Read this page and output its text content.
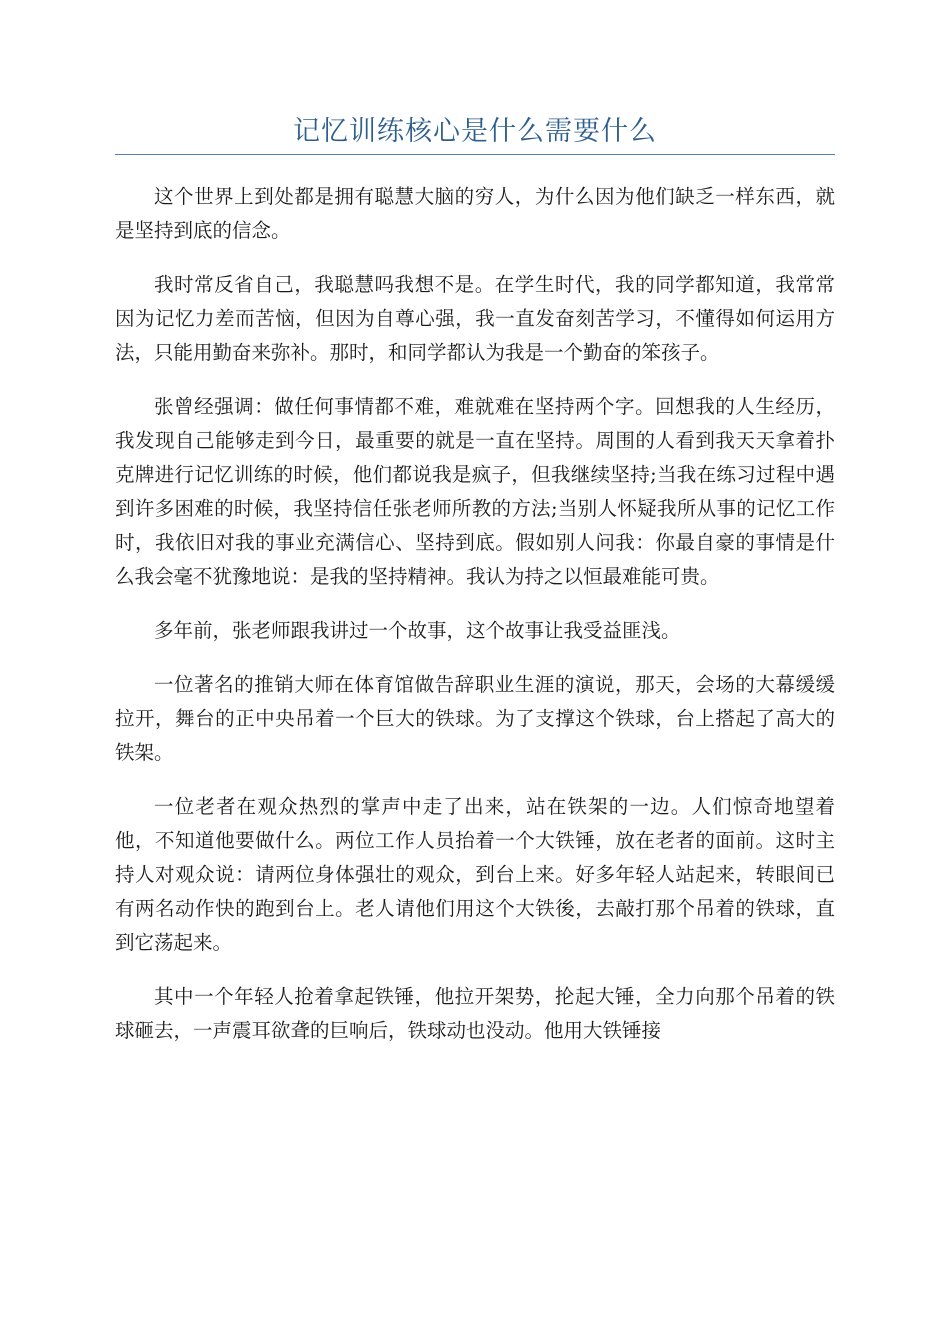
记忆训练核心是什么需要什么

这个世界上到处都是拥有聪慧大脑的穷人，为什么因为他们缺乏一样东西，就是坚持到底的信念。

我时常反省自己，我聪慧吗我想不是。在学生时代，我的同学都知道，我常常因为记忆力差而苦恼，但因为自尊心强，我一直发奋刻苦学习，不懂得如何运用方法，只能用勤奋来弥补。那时，和同学都认为我是一个勤奋的笨孩子。

张曾经强调：做任何事情都不难，难就难在坚持两个字。回想我的人生经历，我发现自己能够走到今日，最重要的就是一直在坚持。周围的人看到我天天拿着扑克牌进行记忆训练的时候，他们都说我是疯子，但我继续坚持;当我在练习过程中遇到许多困难的时候，我坚持信任张老师所教的方法;当别人怀疑我所从事的记忆工作时，我依旧对我的事业充满信心、坚持到底。假如别人问我：你最自豪的事情是什么我会毫不犹豫地说：是我的坚持精神。我认为持之以恒最难能可贵。

多年前，张老师跟我讲过一个故事，这个故事让我受益匪浅。

一位著名的推销大师在体育馆做告辞职业生涯的演说，那天，会场的大幕缓缓拉开，舞台的正中央吊着一个巨大的铁球。为了支撑这个铁球，台上搭起了高大的铁架。

一位老者在观众热烈的掌声中走了出来，站在铁架的一边。人们惊奇地望着他，不知道他要做什么。两位工作人员抬着一个大铁锤，放在老者的面前。这时主持人对观众说：请两位身体强壮的观众，到台上来。好多年轻人站起来，转眼间已有两名动作快的跑到台上。老人请他们用这个大铁後，去敲打那个吊着的铁球，直到它荡起来。

其中一个年轻人抢着拿起铁锤，他拉开架势，抡起大锤，全力向那个吊着的铁球砸去，一声震耳欲聋的巨响后，铁球动也没动。他用大铁锤接
